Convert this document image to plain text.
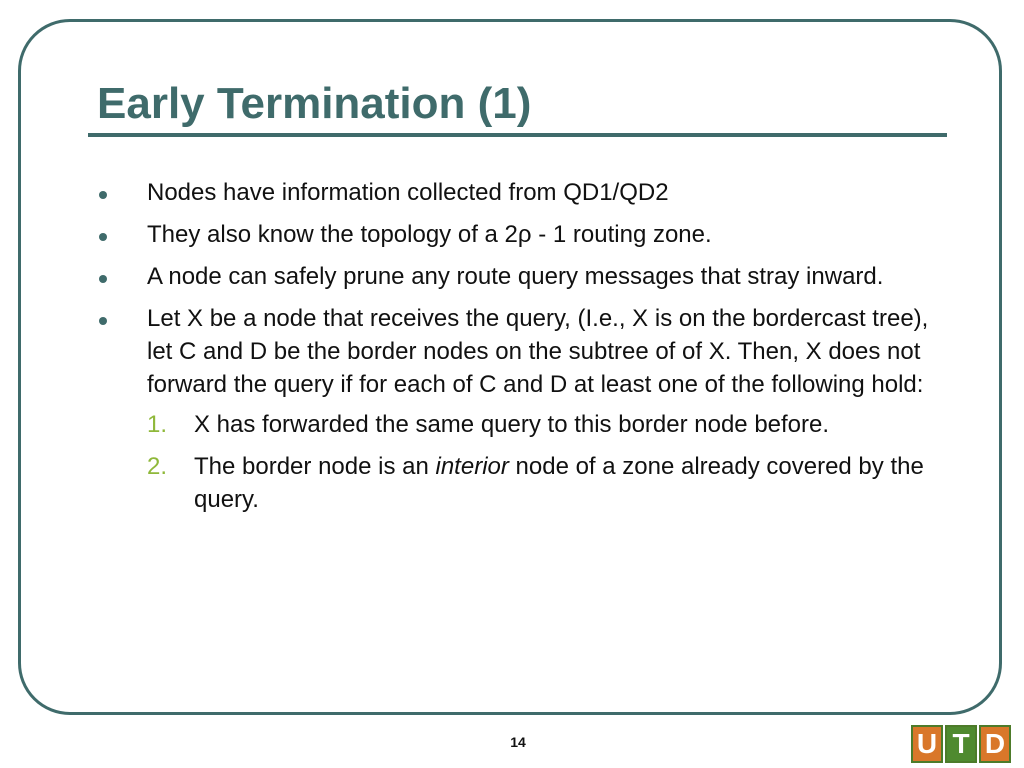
Early Termination (1)
Nodes have information collected from QD1/QD2
They also know the topology of a 2ρ - 1 routing zone.
A node can safely prune any route query messages that stray inward.
Let X be a node that receives the query, (I.e., X is on the bordercast tree), let C and D be the border nodes on the subtree of of X. Then, X does not forward the query if for each of C and D at least one of the following hold:
1. X has forwarded the same query to this border node before.
2. The border node is an interior node of a zone already covered by the query.
14	U T D
